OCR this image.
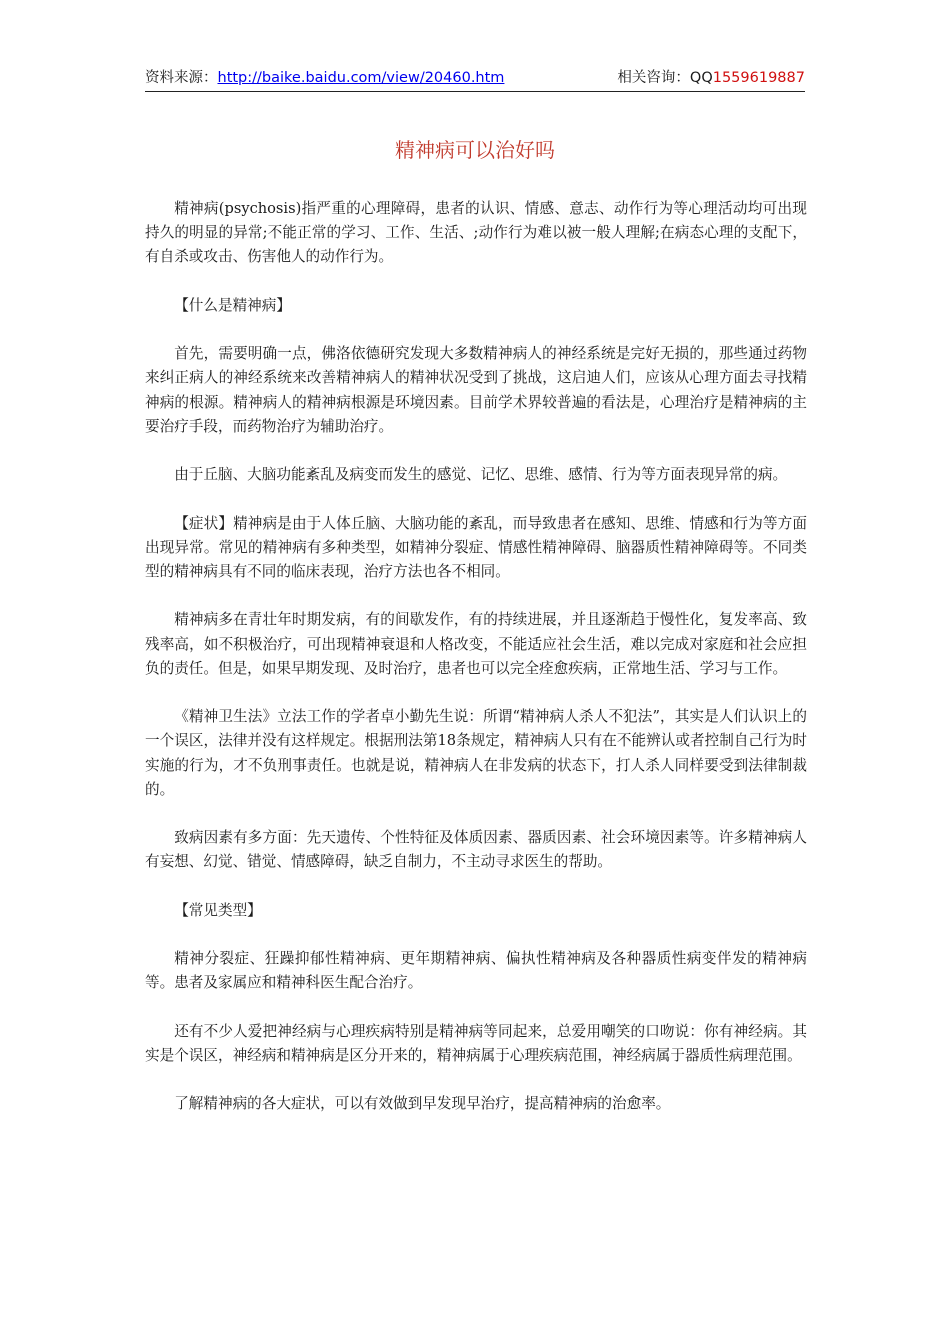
资料来源：http://baike.baidu.com/view/20460.htm	相关咨询：QQ1559619887
精神病可以治好吗

精神病(psychosis)指严重的心理障碍，患者的认识、情感、意志、动作行为等心理活动均可出现持久的明显的异常;不能正常的学习、工作、生活、;动作行为难以被一般人理解;在病态心理的支配下，有自杀或攻击、伤害他人的动作行为。

【什么是精神病】

首先，需要明确一点，佛洛依德研究发现大多数精神病人的神经系统是完好无损的，那些通过药物来纠正病人的神经系统来改善精神病人的精神状况受到了挑战，这启迪人们，应该从心理方面去寻找精神病的根源。精神病人的精神病根源是环境因素。目前学术界较普遍的看法是，心理治疗是精神病的主要治疗手段，而药物治疗为辅助治疗。

由于丘脑、大脑功能紊乱及病变而发生的感觉、记忆、思维、感情、行为等方面表现异常的病。

【症状】精神病是由于人体丘脑、大脑功能的紊乱，而导致患者在感知、思维、情感和行为等方面出现异常。常见的精神病有多种类型，如精神分裂症、情感性精神障碍、脑器质性精神障碍等。不同类型的精神病具有不同的临床表现，治疗方法也各不相同。

精神病多在青壮年时期发病，有的间歇发作，有的持续进展，并且逐渐趋于慢性化，复发率高、致残率高，如不积极治疗，可出现精神衰退和人格改变，不能适应社会生活，难以完成对家庭和社会应担负的责任。但是，如果早期发现、及时治疗，患者也可以完全痊愈疾病，正常地生活、学习与工作。

《精神卫生法》立法工作的学者卓小勤先生说：所谓“精神病人杀人不犯法”，其实是人们认识上的一个误区，法律并没有这样规定。根据刑法第18条规定，精神病人只有在不能辨认或者控制自己行为时实施的行为，才不负刑事责任。也就是说，精神病人在非发病的状态下，打人杀人同样要受到法律制裁的。

致病因素有多方面：先天遗传、个性特征及体质因素、器质因素、社会环境因素等。许多精神病人有妄想、幻觉、错觉、情感障碍，缺乏自制力，不主动寻求医生的帮助。

【常见类型】

精神分裂症、狂躁抑郁性精神病、更年期精神病、偏执性精神病及各种器质性病变伴发的精神病等。患者及家属应和精神科医生配合治疗。

还有不少人爱把神经病与心理疾病特别是精神病等同起来，总爱用嘲笑的口吻说：你有神经病。其实是个误区，神经病和精神病是区分开来的，精神病属于心理疾病范围，神经病属于器质性病理范围。

了解精神病的各大症状，可以有效做到早发现早治疗，提高精神病的治愈率。
